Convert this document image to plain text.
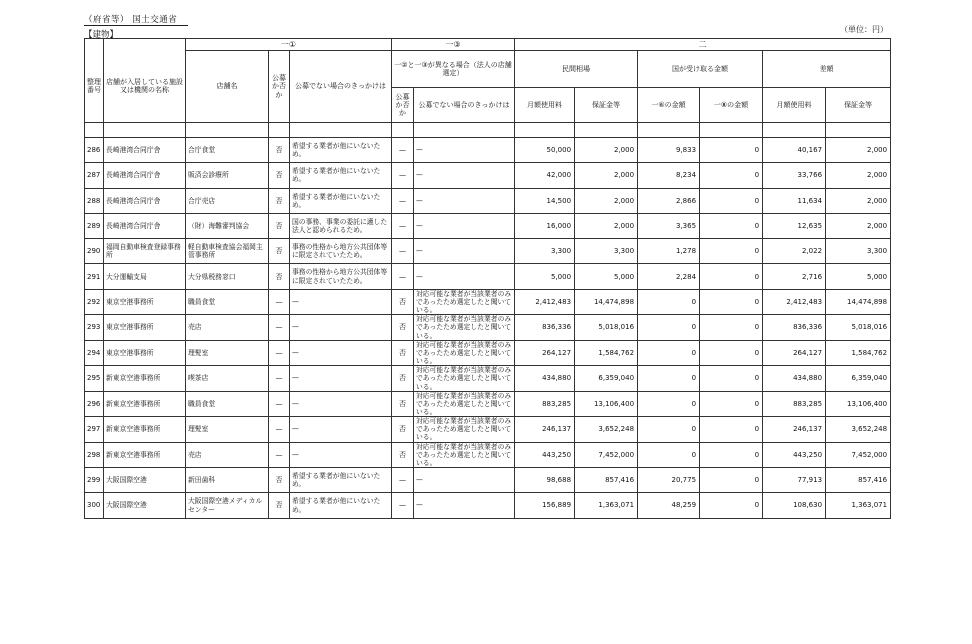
（府省等） 国土交通省
【建物】
（単位：円）
		一①			一③		二					
整理番号	店舗が入居している施設又は機関の名称	店舗名	公募か否か	公募でない場合のきっかけは	一②と一③が異なる場合（法人の店舗選定）		民間相場		国が受け取る金額		差額	
					公募か否か	公募でない場合のきっかけは	月額使用料	保証金等	一⑥の金額	一⑧の金額	月額使用料	保証金等

286	長崎港湾合同庁舎	合庁食堂	否	希望する業者が他にいないため。	—	—	50,000	2,000	9,833	0	40,167	2,000
287	長崎港湾合同庁舎	販済会診療所	否	希望する業者が他にいないため。	—	—	42,000	2,000	8,234	0	33,766	2,000
288	長崎港湾合同庁舎	合庁売店	否	希望する業者が他にいないため。	—	—	14,500	2,000	2,866	0	11,634	2,000
289	長崎港湾合同庁舎	（財）海難審判協会	否	国の事務、事業の委託に適した法人と認められるため。	—	—	16,000	2,000	3,365	0	12,635	2,000
290	福岡自動車検査登録事務所	軽自動車検査協会福岡主管事務所	否	事務の性格から地方公共団体等に限定されていたため。	—	—	3,300	3,300	1,278	0	2,022	3,300
291	大分運輸支局	大分県税務窓口	否	事務の性格から地方公共団体等に限定されていたため。	—	—	5,000	5,000	2,284	0	2,716	5,000
292	東京空港事務所	職員食堂	—	—	否	対応可能な業者が当該業者のみであったため選定したと聞いている。	2,412,483	14,474,898	0	0	2,412,483	14,474,898
293	東京空港事務所	売店	—	—	否	対応可能な業者が当該業者のみであったため選定したと聞いている。	836,336	5,018,016	0	0	836,336	5,018,016
294	東京空港事務所	理髪室	—	—	否	対応可能な業者が当該業者のみであったため選定したと聞いている。	264,127	1,584,762	0	0	264,127	1,584,762
295	新東京空港事務所	喫茶店	—	—	否	対応可能な業者が当該業者のみであったため選定したと聞いている。	434,880	6,359,040	0	0	434,880	6,359,040
296	新東京空港事務所	職員食堂	—	—	否	対応可能な業者が当該業者のみであったため選定したと聞いている。	883,285	13,106,400	0	0	883,285	13,106,400
297	新東京空港事務所	理髪室	—	—	否	対応可能な業者が当該業者のみであったため選定したと聞いている。	246,137	3,652,248	0	0	246,137	3,652,248
298	新東京空港事務所	売店	—	—	否	対応可能な業者が当該業者のみであったため選定したと聞いている。	443,250	7,452,000	0	0	443,250	7,452,000
299	大阪国際空港	新田歯科	否	希望する業者が他にいないため。	—	—	98,688	857,416	20,775	0	77,913	857,416
300	大阪国際空港	大阪国際空港メディカルセンター	否	希望する業者が他にいないため。	—	—	156,889	1,363,071	48,259	0	108,630	1,363,071
